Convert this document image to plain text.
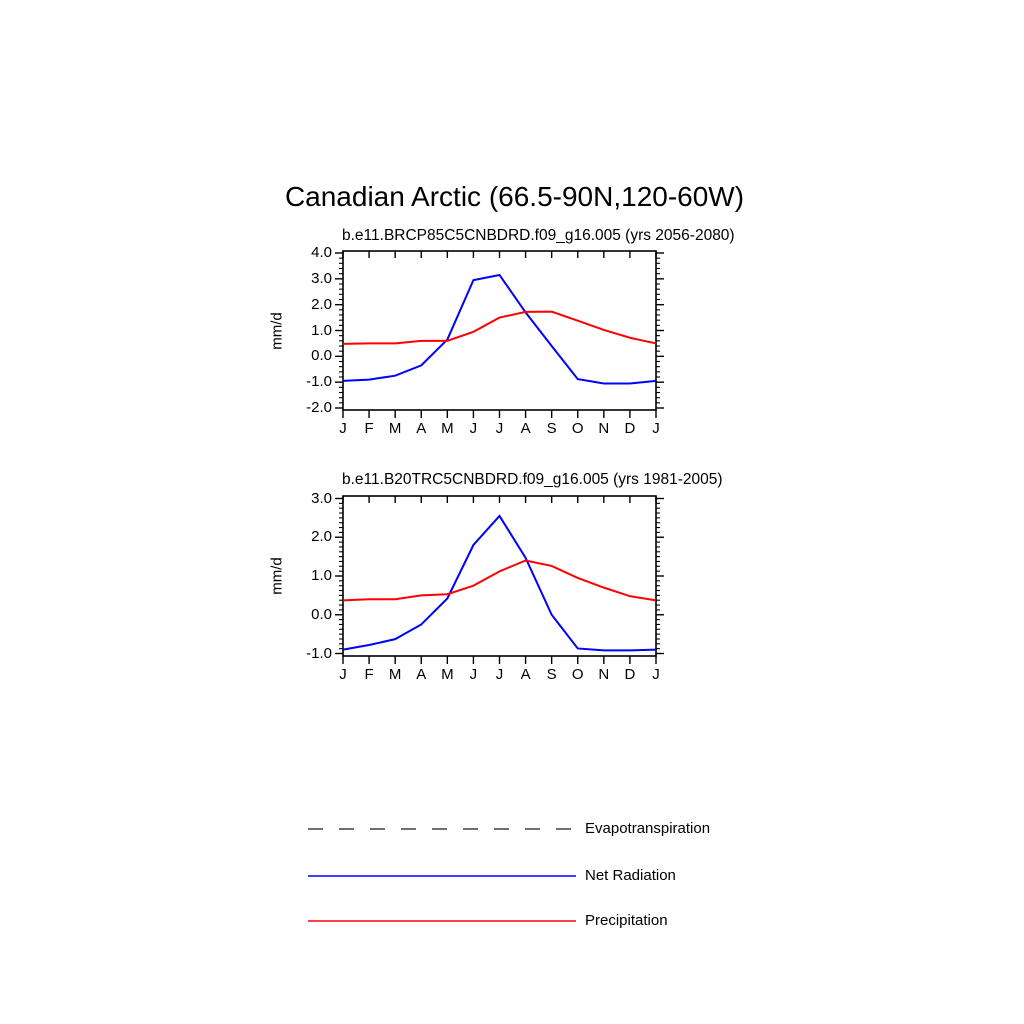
Canadian Arctic (66.5-90N,120-60W)
b.e11.BRCP85C5CNBDRD.f09_g16.005 (yrs 2056-2080)
b.e11.B20TRC5CNBDRD.f09_g16.005 (yrs 1981-2005)
mm/d
mm/d
Evapotranspiration
Net Radiation
Precipitation
4.0
3.0
2.0
1.0
0.0
-1.0
-2.0
J	F	M A M	J	J	A	S	O N	D	J
3.0
2.0
1.0
0.0
-1.0
J	F	M A M	J	J	A	S	O N	D	J
